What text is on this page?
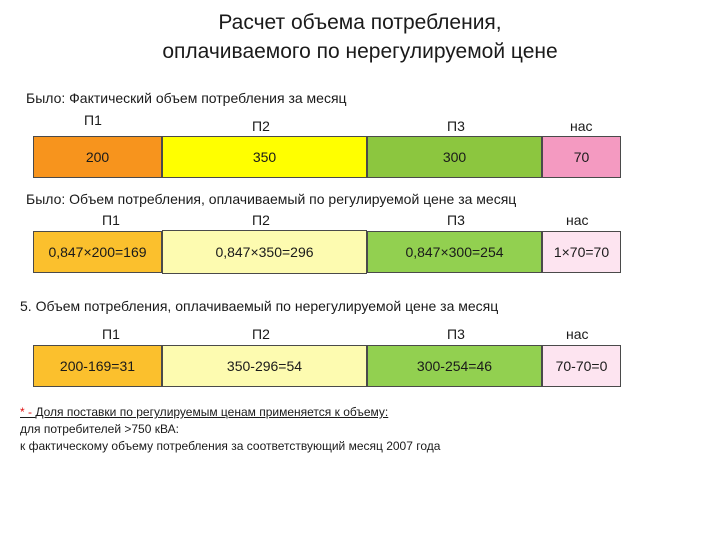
Расчет объема потребления,
оплачиваемого по нерегулируемой цене
Было: Фактический объем потребления за месяц
П1	П2	П3	нас
200	350	300	70
Было: Объем потребления, оплачиваемый по регулируемой цене за месяц
П1	П2	П3	нас
0,847×200=169	0,847×350=296	0,847×300=254	1×70=70
5. Объем потребления, оплачиваемый по нерегулируемой цене за месяц
П1	П2	П3	нас
200-169=31	350-296=54	300-254=46	70-70=0
* - Доля поставки по регулируемым ценам применяется к объему:
для потребителей >750 кВА:
к фактическому объему потребления за соответствующий месяц 2007 года
